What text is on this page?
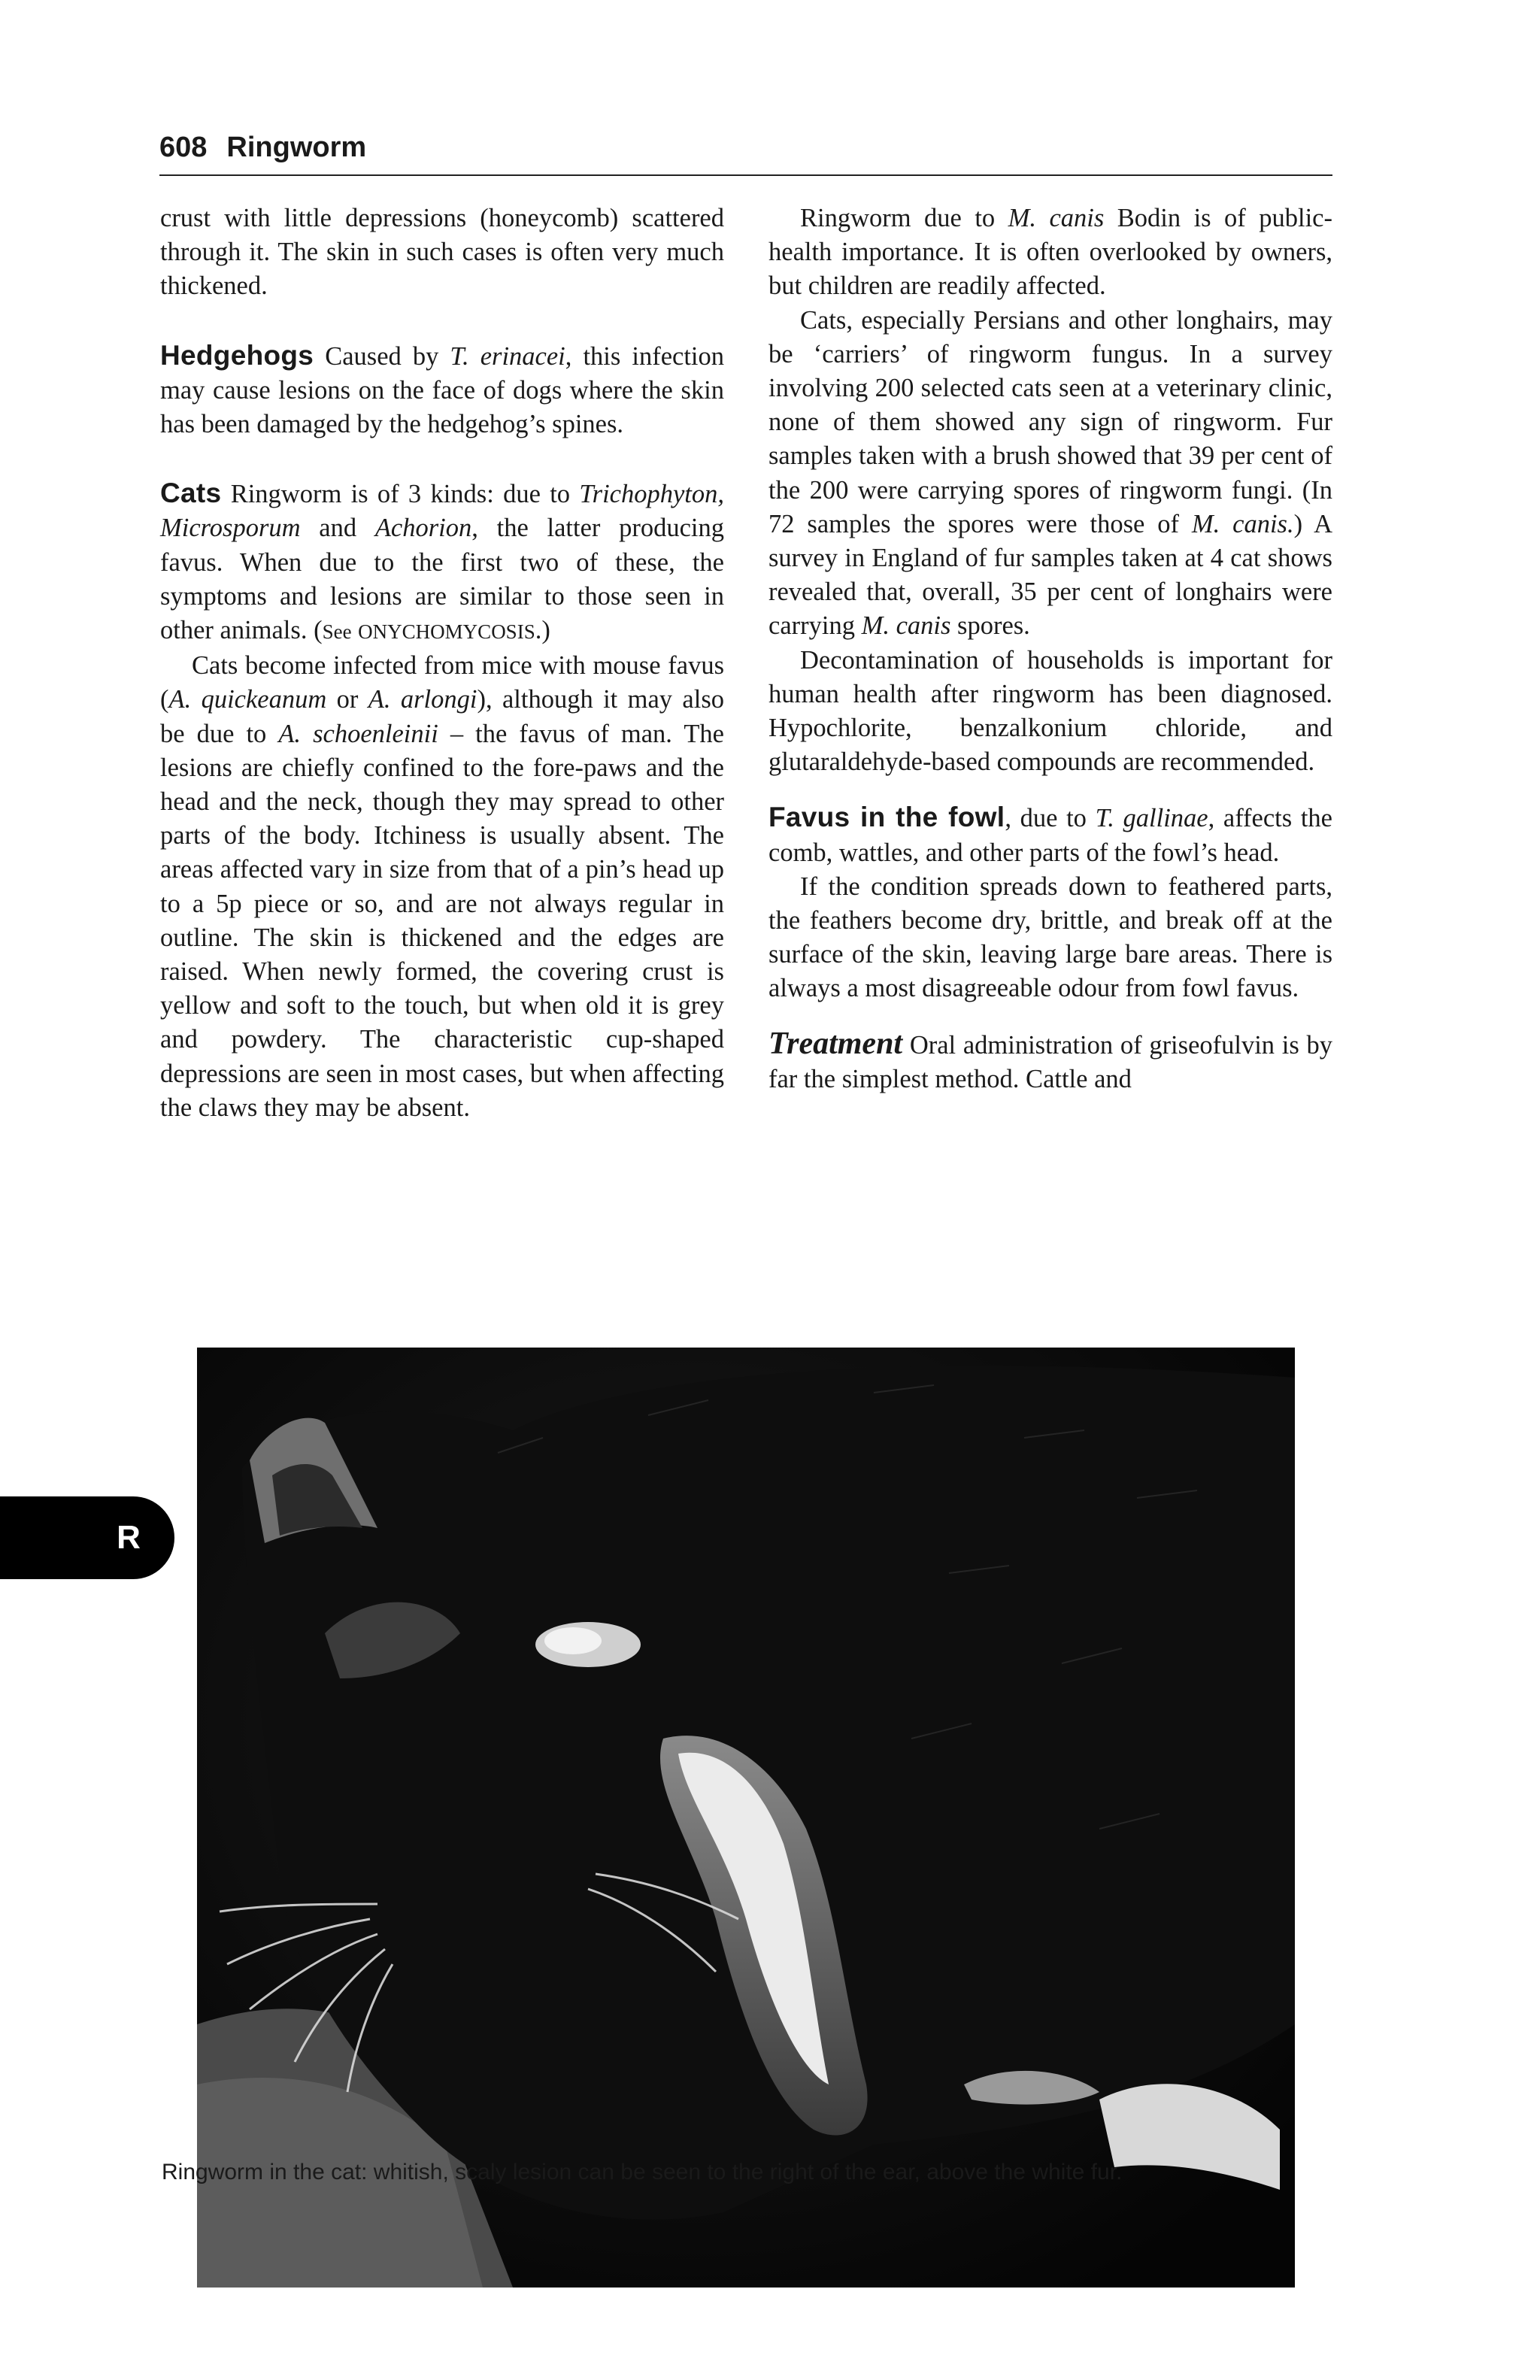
608 Ringworm

crust with little depressions (honeycomb) scattered through it. The skin in such cases is often very much thickened.

Hedgehogs Caused by T. erinacei, this infection may cause lesions on the face of dogs where the skin has been damaged by the hedgehog’s spines.

Cats Ringworm is of 3 kinds: due to Trichophyton, Microsporum and Achorion, the latter producing favus. When due to the first two of these, the symptoms and lesions are similar to those seen in other animals. (See ONYCHOMYCOSIS.)

Cats become infected from mice with mouse favus (A. quickeanum or A. arlongi), although it may also be due to A. schoenleinii – the favus of man. The lesions are chiefly confined to the fore-paws and the head and the neck, though they may spread to other parts of the body. Itchiness is usually absent. The areas affected vary in size from that of a pin’s head up to a 5p piece or so, and are not always regular in outline. The skin is thickened and the edges are raised. When newly formed, the covering crust is yellow and soft to the touch, but when old it is grey and powdery. The characteristic cup-shaped depressions are seen in most cases, but when affecting the claws they may be absent.

Ringworm due to M. canis Bodin is of public-health importance. It is often overlooked by owners, but children are readily affected.

Cats, especially Persians and other longhairs, may be ‘carriers’ of ringworm fungus. In a survey involving 200 selected cats seen at a veterinary clinic, none of them showed any sign of ringworm. Fur samples taken with a brush showed that 39 per cent of the 200 were carrying spores of ringworm fungi. (In 72 samples the spores were those of M. canis.) A survey in England of fur samples taken at 4 cat shows revealed that, overall, 35 per cent of longhairs were carrying M. canis spores.

Decontamination of households is important for human health after ringworm has been diagnosed. Hypochlorite, benzalkonium chloride, and glutaraldehyde-based compounds are recommended.

Favus in the fowl, due to T. gallinae, affects the comb, wattles, and other parts of the fowl’s head.

If the condition spreads down to feathered parts, the feathers become dry, brittle, and break off at the surface of the skin, leaving large bare areas. There is always a most disagreeable odour from fowl favus.

Treatment Oral administration of griseofulvin is by far the simplest method. Cattle and

Ringworm in the cat: whitish, scaly lesion can be seen to the right of the ear, above the white fur.
R
